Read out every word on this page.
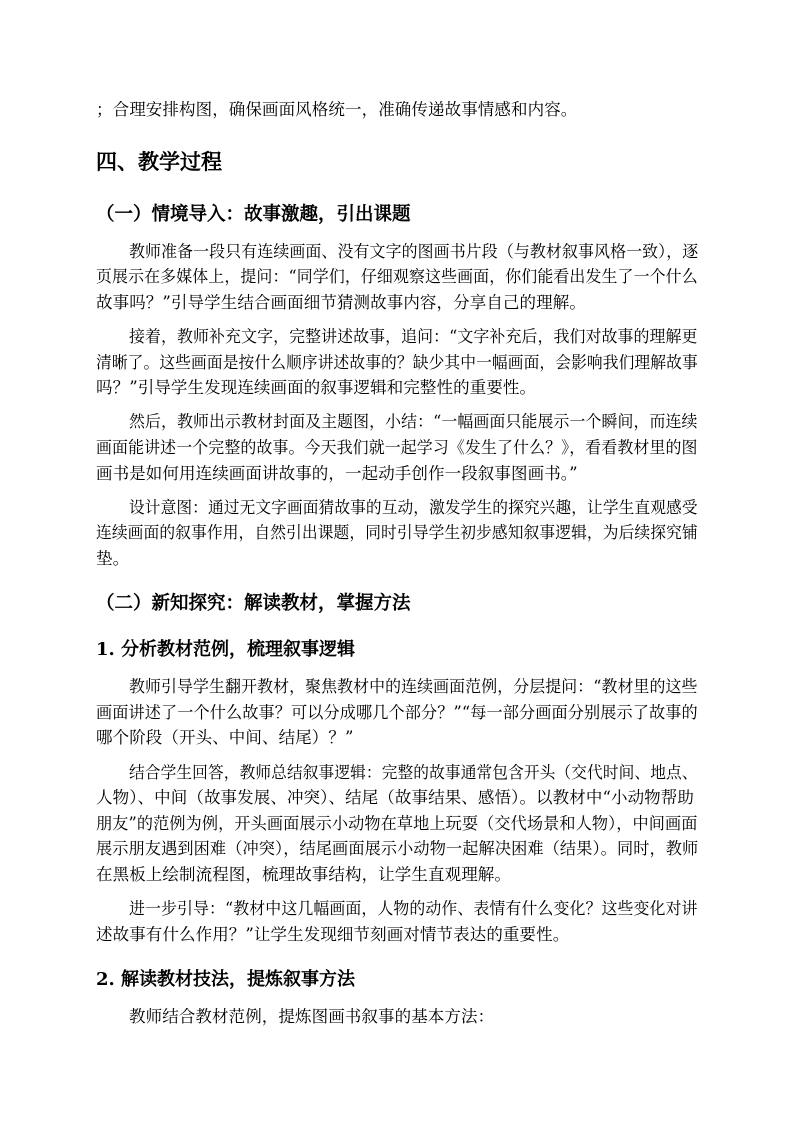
；合理安排构图，确保画面风格统一，准确传递故事情感和内容。

四、教学过程
（一）情境导入：故事激趣，引出课题

教师准备一段只有连续画面、没有文字的图画书片段（与教材叙事风格一致），逐

页展示在多媒体上，提问：“同学们，仔细观察这些画面，你们能看出发生了一个什么

故事吗？”引导学生结合画面细节猜测故事内容，分享自己的理解。

接着，教师补充文字，完整讲述故事，追问：“文字补充后，我们对故事的理解更

清晰了。这些画面是按什么顺序讲述故事的？缺少其中一幅画面，会影响我们理解故事

吗？”引导学生发现连续画面的叙事逻辑和完整性的重要性。

然后，教师出示教材封面及主题图，小结：“一幅画面只能展示一个瞬间，而连续

画面能讲述一个完整的故事。今天我们就一起学习《发生了什么？》，看看教材里的图

画书是如何用连续画面讲故事的，一起动手创作一段叙事图画书。”

设计意图：通过无文字画面猜故事的互动，激发学生的探究兴趣，让学生直观感受

连续画面的叙事作用，自然引出课题，同时引导学生初步感知叙事逻辑，为后续探究铺

垫。

（二）新知探究：解读教材，掌握方法
1. 分析教材范例，梳理叙事逻辑

教师引导学生翻开教材，聚焦教材中的连续画面范例，分层提问：“教材里的这些

画面讲述了一个什么故事？可以分成哪几个部分？”“每一部分画面分别展示了故事的

哪个阶段（开头、中间、结尾）？”

结合学生回答，教师总结叙事逻辑：完整的故事通常包含开头（交代时间、地点、

人物）、中间（故事发展、冲突）、结尾（故事结果、感悟）。以教材中“小动物帮助

朋友”的范例为例，开头画面展示小动物在草地上玩耍（交代场景和人物），中间画面

展示朋友遇到困难（冲突），结尾画面展示小动物一起解决困难（结果）。同时，教师

在黑板上绘制流程图，梳理故事结构，让学生直观理解。

进一步引导：“教材中这几幅画面，人物的动作、表情有什么变化？这些变化对讲

述故事有什么作用？”让学生发现细节刻画对情节表达的重要性。

2. 解读教材技法，提炼叙事方法

教师结合教材范例，提炼图画书叙事的基本方法：
